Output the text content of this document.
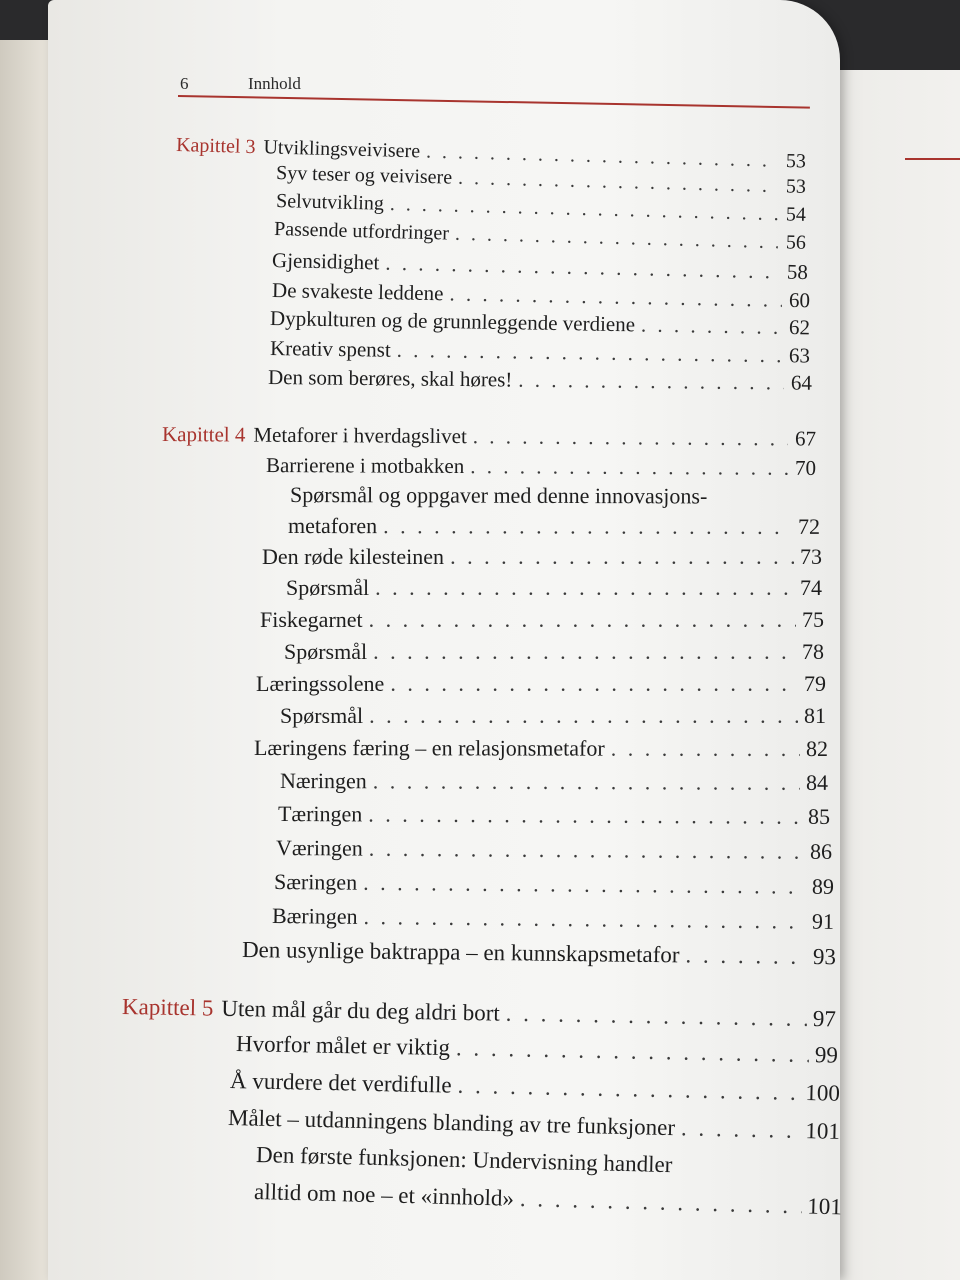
6	Innhold
Kapittel 3 Utviklingsveivisere . . .	53
Syv teser og veivisere . . .	53
Selvutvikling . . .	54
Passende utfordringer . . .	56
Gjensidighet . . .	58
De svakeste leddene . . .	60
Dypkulturen og de grunnleggende verdiene . . .	62
Kreativ spenst . . .	63
Den som berøres, skal høres! . . .	64
Kapittel 4 Metaforer i hverdagslivet . . .	67
Barrierene i motbakken . . .	70
Spørsmål og oppgaver med denne innovasjons-
metaforen . . .	72
Den røde kilesteinen . . .	73
Spørsmål . . .	74
Fiskegarnet . . .	75
Spørsmål . . .	78
Læringssolene . . .	79
Spørsmål . . .	81
Læringens færing – en relasjonsmetafor . . .	82
Næringen . . .	84
Tæringen . . .	85
Væringen . . .	86
Særingen . . .	89
Bæringen . . .	91
Den usynlige baktrappa – en kunnskapsmetafor . . .	93
Kapittel 5 Uten mål går du deg aldri bort . . .	97
Hvorfor målet er viktig . . .	99
Å vurdere det verdifulle . . .	100
Målet – utdanningens blanding av tre funksjoner . . .	101
Den første funksjonen: Undervisning handler
alltid om noe – et «innhold» . . .	101
